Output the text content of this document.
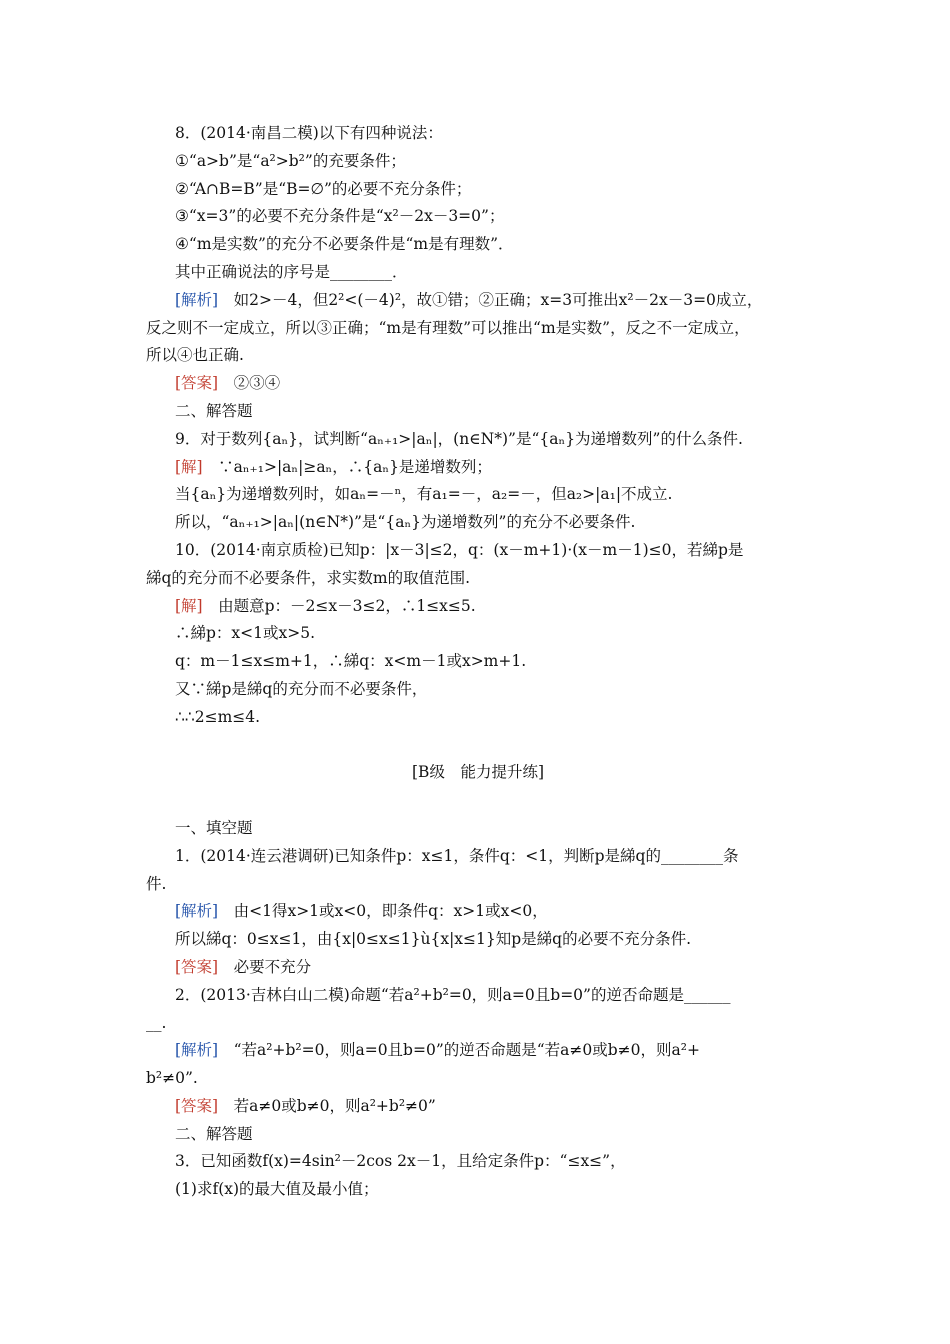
8．(2014·南昌二模)以下有四种说法：
①“a>b”是“a²>b²”的充要条件；
②“A∩B=B”是“B=∅”的必要不充分条件；
③“x=3”的必要不充分条件是“x²－2x－3=0”；
④“m是实数”的充分不必要条件是“m是有理数”．
其中正确说法的序号是________．
[解析]　如2>－4，但2²<(－4)²，故①错；②正确；x=3可推出x²－2x－3=0成立，
反之则不一定成立，所以③正确；“m是有理数”可以推出“m是实数”，反之不一定成立，
所以④也正确.
[答案]　②③④
二、解答题
9．对于数列{aₙ}，试判断“aₙ₊₁>|aₙ|，(n∈N*)”是“{aₙ}为递增数列”的什么条件.
[解]　∵aₙ₊₁>|aₙ|≥aₙ，∴{aₙ}是递增数列；
当{aₙ}为递增数列时，如aₙ=－ⁿ，有a₁=－，a₂=－，但a₂>|a₁|不成立.
所以，“aₙ₊₁>|aₙ|(n∈N*)”是“{aₙ}为递增数列”的充分不必要条件.
10．(2014·南京质检)已知p：|x－3|≤2，q：(x－m+1)·(x－m－1)≤0，若綈p是
綈q的充分而不必要条件，求实数m的取值范围.
[解]　由题意p：－2≤x－3≤2，∴1≤x≤5.
∴綈p：x<1或x>5.
q：m－1≤x≤m+1，∴綈q：x<m－1或x>m+1.
又∵綈p是綈q的充分而不必要条件，
∴∴2≤m≤4.
[B级　能力提升练]
一、填空题
1．(2014·连云港调研)已知条件p：x≤1，条件q：<1，判断p是綈q的________条
件.
[解析]　由<1得x>1或x<0，即条件q：x>1或x<0，
所以綈q：0≤x≤1，由{x|0≤x≤1}ù{x|x≤1}知p是綈q的必要不充分条件.
[答案]　必要不充分
2．(2013·吉林白山二模)命题“若a²+b²=0，则a=0且b=0”的逆否命题是______
__.
[解析]　“若a²+b²=0，则a=0且b=0”的逆否命题是“若a≠0或b≠0，则a²+
b²≠0”.
[答案]　若a≠0或b≠0，则a²+b²≠0”
二、解答题
3．已知函数f(x)=4sin²－2cos 2x－1，且给定条件p：“≤x≤”，
(1)求f(x)的最大值及最小值；
